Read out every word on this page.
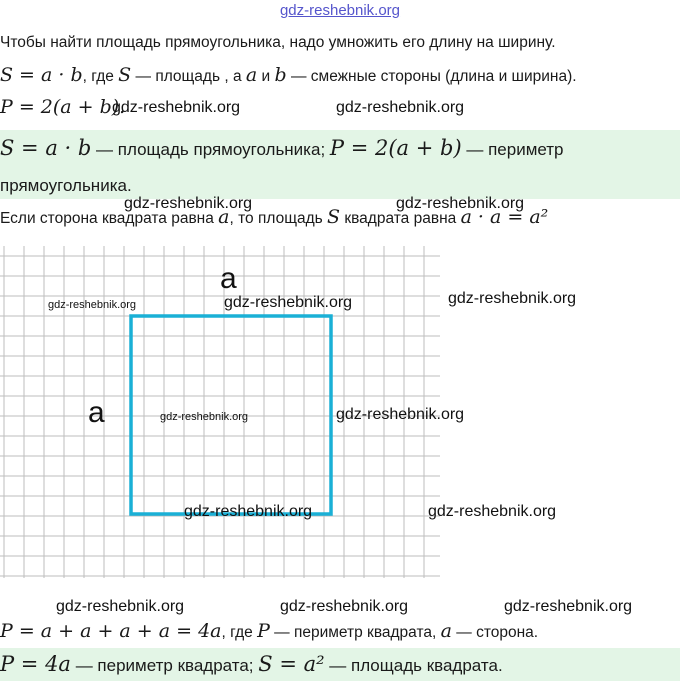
gdz-reshebnik.org
Чтобы найти площадь прямоугольника, надо умножить его длину на ширину.
S = a · b, где S — площадь , а a и b — смежные стороны (длина и ширина).
P = 2(a + b).
gdz-reshebnik.org	gdz-reshebnik.org
S = a · b — площадь прямоугольника; P = 2(a + b) — периметр
прямоугольника.
gdz-reshebnik.org	gdz-reshebnik.org
Если сторона квадрата равна a, то площадь S квадрата равна a · a = a²
a
a
gdz-reshebnik.org	gdz-reshebnik.org	gdz-reshebnik.org
gdz-reshebnik.org	gdz-reshebnik.org
gdz-reshebnik.org	gdz-reshebnik.org
gdz-reshebnik.org	gdz-reshebnik.org	gdz-reshebnik.org
P = a + a + a + a = 4a, где P — периметр квадрата, a — сторона.
P = 4a — периметр квадрата; S = a² — площадь квадрата.
